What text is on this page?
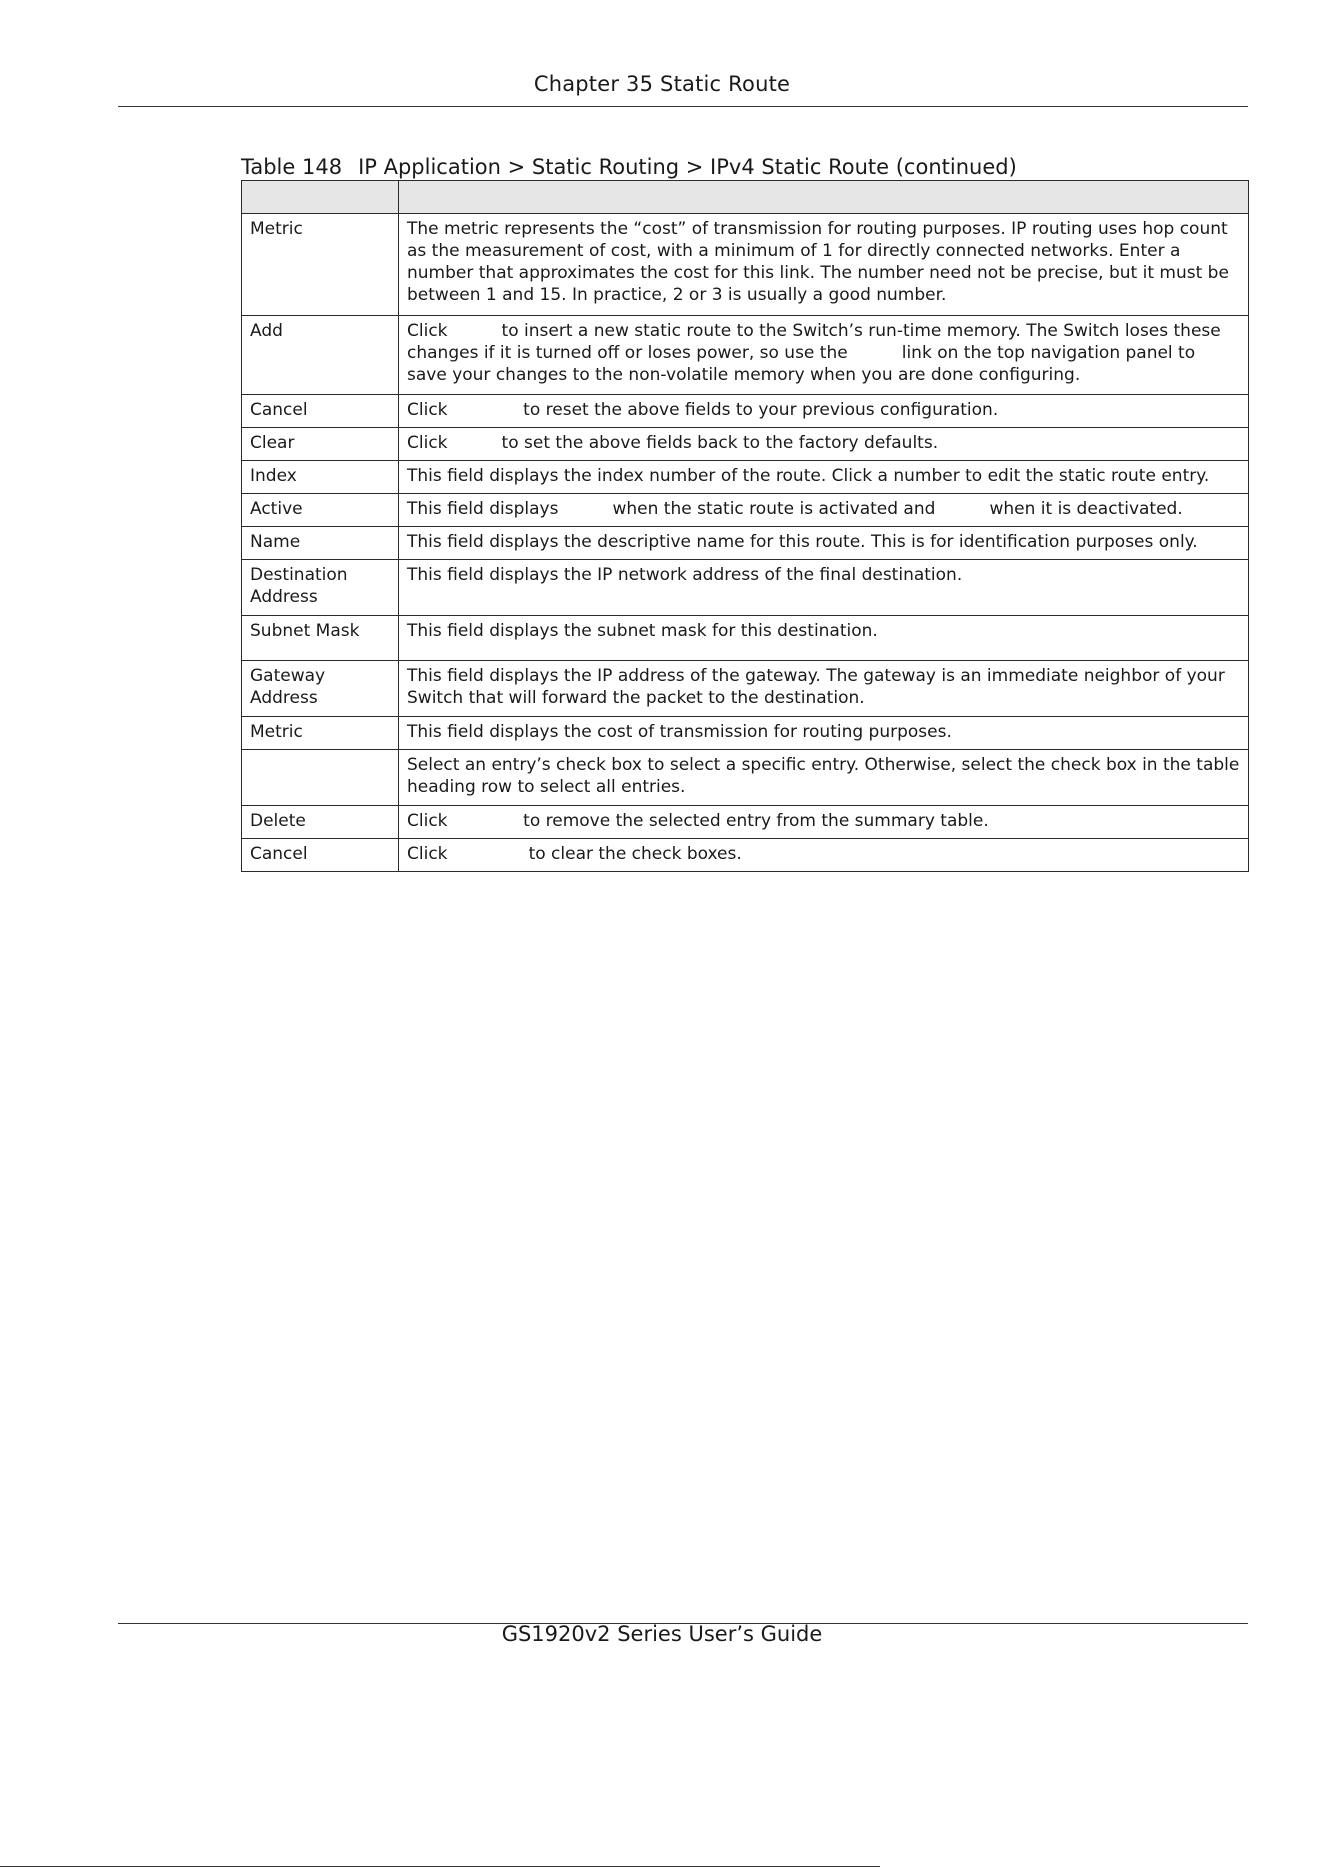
Chapter 35 Static Route
Table 148 IP Application > Static Routing > IPv4 Static Route (continued)

Metric	The metric represents the “cost” of transmission for routing purposes. IP routing uses hop count as the measurement of cost, with a minimum of 1 for directly connected networks. Enter a number that approximates the cost for this link. The number need not be precise, but it must be between 1 and 15. In practice, 2 or 3 is usually a good number.
Add	Click          to insert a new static route to the Switch’s run-time memory. The Switch loses these changes if it is turned off or loses power, so use the          link on the top navigation panel to save your changes to the non-volatile memory when you are done configuring.
Cancel	Click              to reset the above fields to your previous configuration.
Clear	Click          to set the above fields back to the factory defaults.
Index	This field displays the index number of the route. Click a number to edit the static route entry.
Active	This field displays          when the static route is activated and          when it is deactivated.
Name	This field displays the descriptive name for this route. This is for identification purposes only.
Destination Address	This field displays the IP network address of the final destination.
Subnet Mask	This field displays the subnet mask for this destination.
Gateway Address	This field displays the IP address of the gateway. The gateway is an immediate neighbor of your Switch that will forward the packet to the destination.
Metric	This field displays the cost of transmission for routing purposes.
	Select an entry’s check box to select a specific entry. Otherwise, select the check box in the table heading row to select all entries.
Delete	Click              to remove the selected entry from the summary table.
Cancel	Click               to clear the check boxes.
GS1920v2 Series User’s Guide
